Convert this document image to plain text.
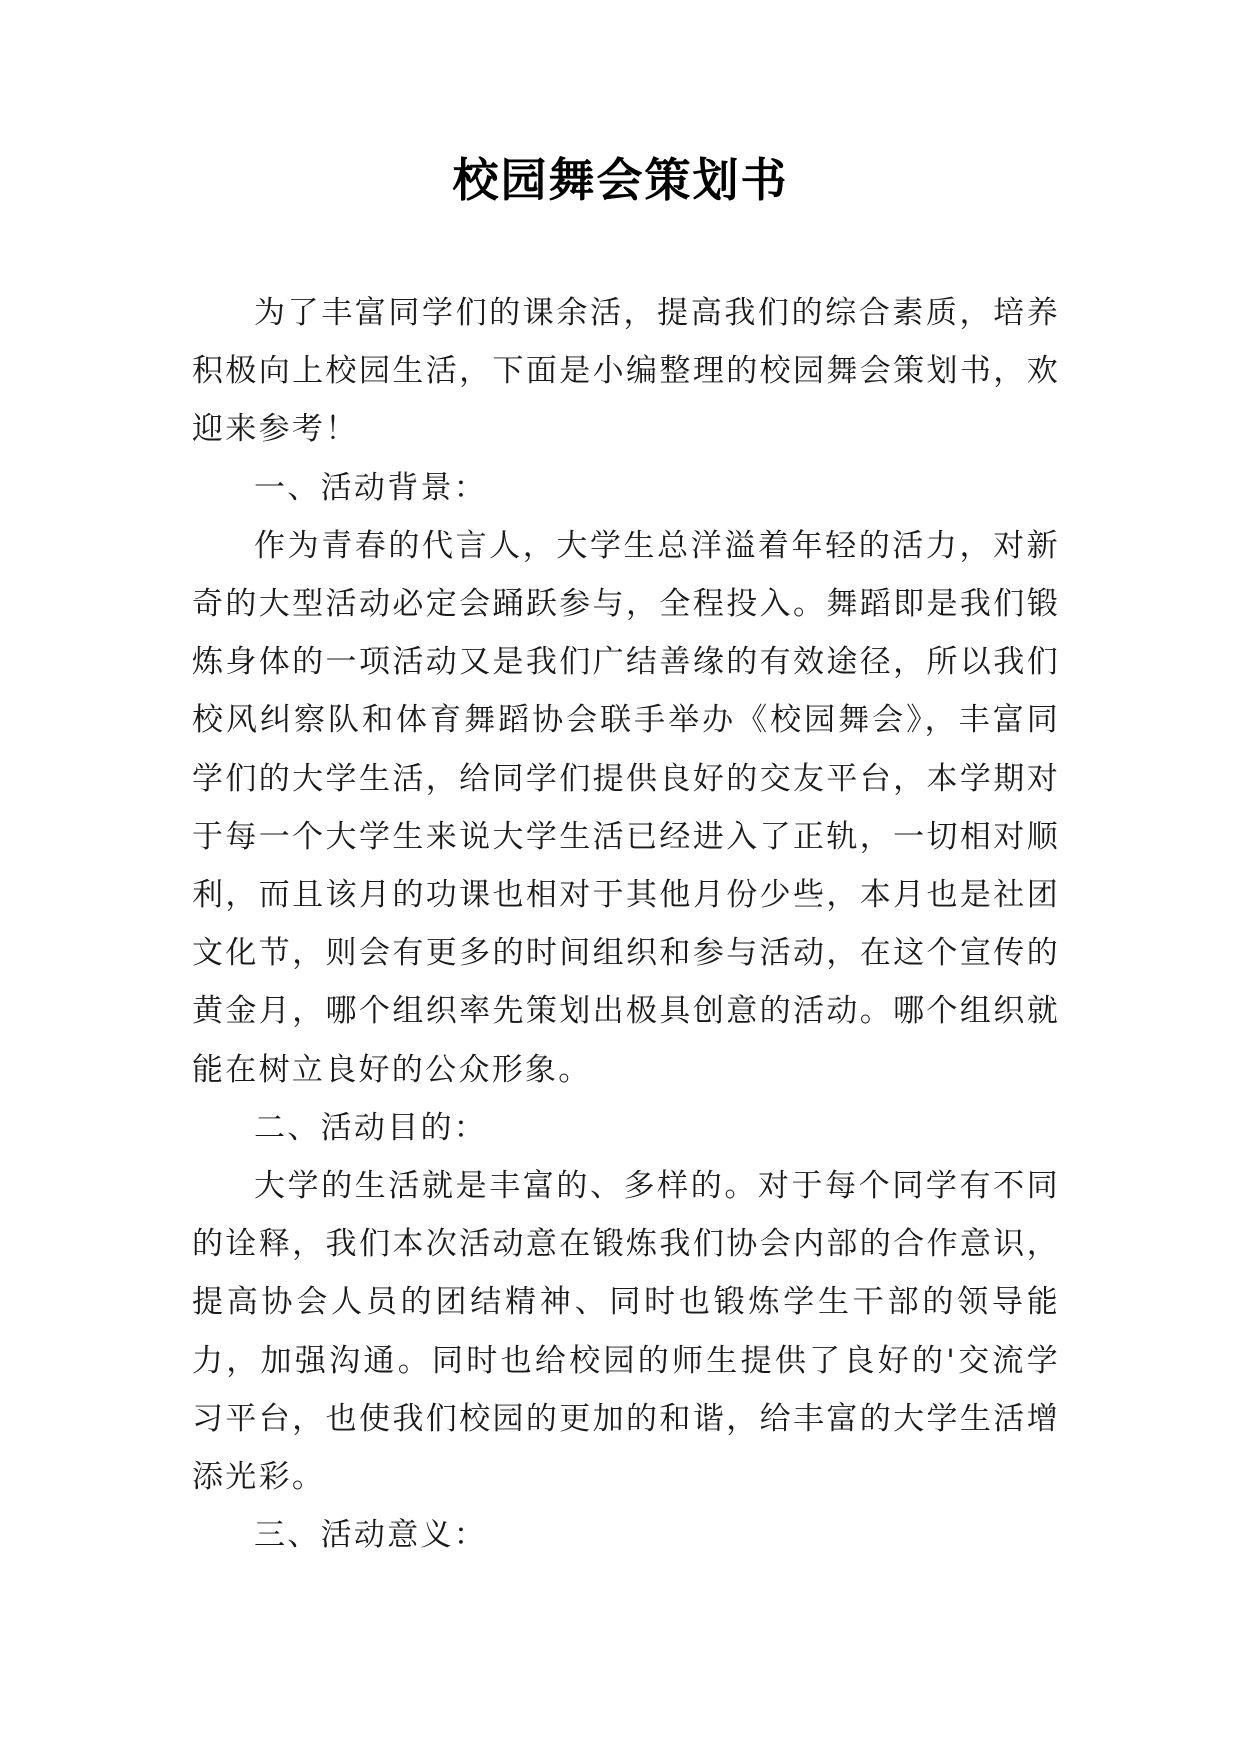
校园舞会策划书

为了丰富同学们的课余活，提高我们的综合素质，培养积极向上校园生活，下面是小编整理的校园舞会策划书，欢迎来参考！

一、活动背景：

作为青春的代言人，大学生总洋溢着年轻的活力，对新奇的大型活动必定会踊跃参与，全程投入。舞蹈即是我们锻炼身体的一项活动又是我们广结善缘的有效途径，所以我们校风纠察队和体育舞蹈协会联手举办《校园舞会》，丰富同学们的大学生活，给同学们提供良好的交友平台，本学期对于每一个大学生来说大学生活已经进入了正轨，一切相对顺利，而且该月的功课也相对于其他月份少些，本月也是社团文化节，则会有更多的时间组织和参与活动，在这个宣传的黄金月，哪个组织率先策划出极具创意的活动。哪个组织就能在树立良好的公众形象。

二、活动目的：

大学的生活就是丰富的、多样的。对于每个同学有不同的诠释，我们本次活动意在锻炼我们协会内部的合作意识，提高协会人员的团结精神、同时也锻炼学生干部的领导能力，加强沟通。同时也给校园的师生提供了良好的'交流学习平台，也使我们校园的更加的和谐，给丰富的大学生活增添光彩。

三、活动意义：
